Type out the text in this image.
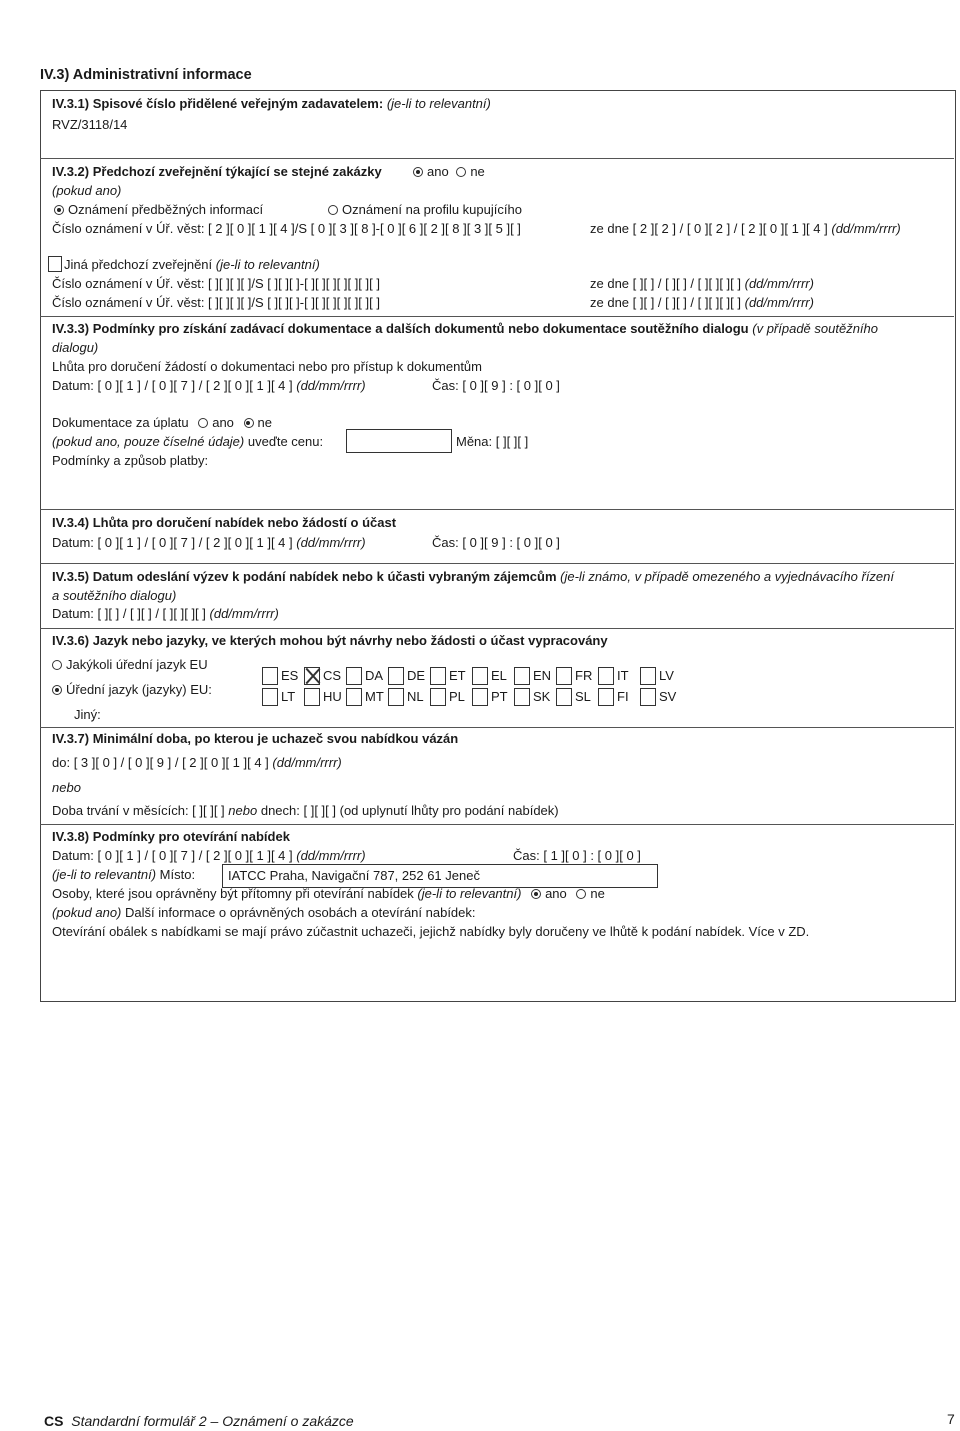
IV.3) Administrativní informace
IV.3.1) Spisové číslo přidělené veřejným zadavatelem: (je-li to relevantní)
RVZ/3118/14
IV.3.2) Předchozí zveřejnění týkající se stejné zakázky	ano ne
(pokud ano)
Oznámení předběžných informací	Oznámení na profilu kupujícího
Číslo oznámení v Úř. věst: [ 2 ][ 0 ][ 1 ][ 4 ]/S [ 0 ][ 3 ][ 8 ]-[ 0 ][ 6 ][ 2 ][ 8 ][ 3 ][ 5 ][ ]	ze dne [ 2 ][ 2 ] / [ 0 ][ 2 ] / [ 2 ][ 0 ][ 1 ][ 4 ] (dd/mm/rrrr)
Jiná předchozí zveřejnění (je-li to relevantní)
Číslo oznámení v Úř. věst: [ ][ ][ ][ ]/S [ ][ ][ ]-[ ][ ][ ][ ][ ][ ][ ]	ze dne [ ][ ] / [ ][ ] / [ ][ ][ ][ ] (dd/mm/rrrr)
Číslo oznámení v Úř. věst: [ ][ ][ ][ ]/S [ ][ ][ ]-[ ][ ][ ][ ][ ][ ][ ]	ze dne [ ][ ] / [ ][ ] / [ ][ ][ ][ ] (dd/mm/rrrr)
IV.3.3) Podmínky pro získání zadávací dokumentace a dalších dokumentů nebo dokumentace soutěžního dialogu (v případě soutěžního
dialogu)
Lhůta pro doručení žádostí o dokumentaci nebo pro přístup k dokumentům
Datum: [ 0 ][ 1 ] / [ 0 ][ 7 ] / [ 2 ][ 0 ][ 1 ][ 4 ] (dd/mm/rrrr)	Čas: [ 0 ][ 9 ] : [ 0 ][ 0 ]
Dokumentace za úplatu ano ne
(pokud ano, pouze číselné údaje) uveďte cenu:	Měna: [ ][ ][ ]
Podmínky a způsob platby:
IV.3.4) Lhůta pro doručení nabídek nebo žádostí o účast
Datum: [ 0 ][ 1 ] / [ 0 ][ 7 ] / [ 2 ][ 0 ][ 1 ][ 4 ] (dd/mm/rrrr)	Čas: [ 0 ][ 9 ] : [ 0 ][ 0 ]
IV.3.5) Datum odeslání výzev k podání nabídek nebo k účasti vybraným zájemcům (je-li známo, v případě omezeného a vyjednávacího řízení
a soutěžního dialogu)
Datum: [ ][ ] / [ ][ ] / [ ][ ][ ][ ] (dd/mm/rrrr)
IV.3.6) Jazyk nebo jazyky, ve kterých mohou být návrhy nebo žádosti o účast vypracovány
Jakýkoli úřední jazyk EU
Úřední jazyk (jazyky) EU:
Jiný:
ES CS DA DE ET EL EN FR IT LV
LT HU MT NL PL PT SK SL FI SV
IV.3.7) Minimální doba, po kterou je uchazeč svou nabídkou vázán
do: [ 3 ][ 0 ] / [ 0 ][ 9 ] / [ 2 ][ 0 ][ 1 ][ 4 ] (dd/mm/rrrr)
nebo
Doba trvání v měsících: [ ][ ][ ] nebo dnech: [ ][ ][ ] (od uplynutí lhůty pro podání nabídek)
IV.3.8) Podmínky pro otevírání nabídek
Datum: [ 0 ][ 1 ] / [ 0 ][ 7 ] / [ 2 ][ 0 ][ 1 ][ 4 ] (dd/mm/rrrr)	Čas: [ 1 ][ 0 ] : [ 0 ][ 0 ]
(je-li to relevantní) Místo:	IATCC Praha, Navigační 787, 252 61 Jeneč
Osoby, které jsou oprávněny být přítomny při otevírání nabídek (je-li to relevantní) ano ne
(pokud ano) Další informace o oprávněných osobách a otevírání nabídek:
Otevírání obálek s nabídkami se mají právo zúčastnit uchazeči, jejichž nabídky byly doručeny ve lhůtě k podání nabídek. Více v ZD.
CS Standardní formulář 2 – Oznámení o zakázce	7
